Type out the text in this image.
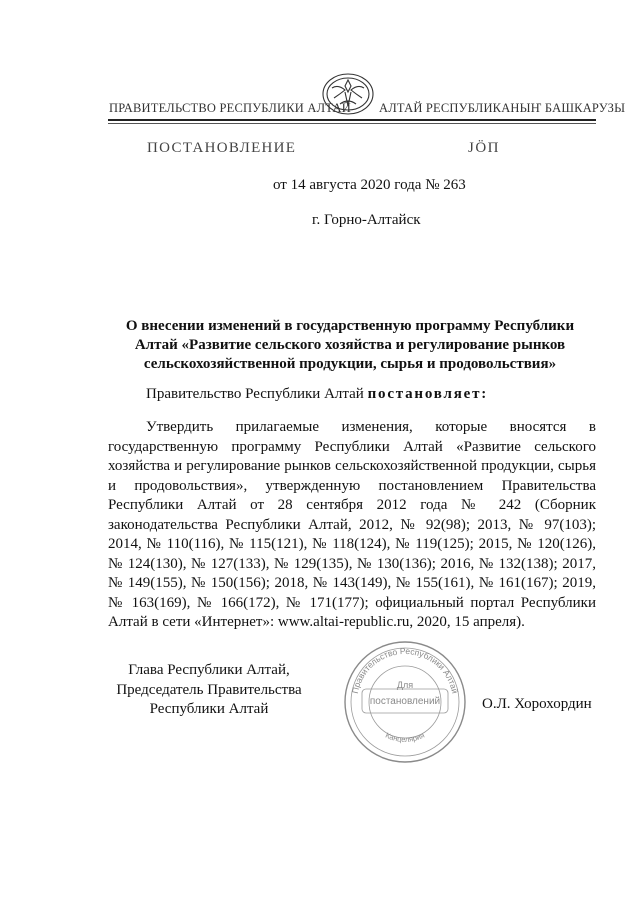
ПРАВИТЕЛЬСТВО РЕСПУБЛИКИ АЛТАЙ АЛТАЙ РЕСПУБЛИКАНЫҤ БАШКАРУЗЫ
ПОСТАНОВЛЕНИЕ	ЈӦП
от 14 августа 2020 года № 263
г. Горно-Алтайск
О внесении изменений в государственную программу Республики Алтай «Развитие сельского хозяйства и регулирование рынков сельскохозяйственной продукции, сырья и продовольствия»
Правительство Республики Алтай постановляет:
Утвердить прилагаемые изменения, которые вносятся в государственную программу Республики Алтай «Развитие сельского хозяйства и регулирование рынков сельскохозяйственной продукции, сырья и продовольствия», утвержденную постановлением Правительства Республики Алтай от 28 сентября 2012 года № 242 (Сборник законодательства Республики Алтай, 2012, № 92(98); 2013, № 97(103); 2014, № 110(116), № 115(121), № 118(124), № 119(125); 2015, № 120(126), № 124(130), № 127(133), № 129(135), № 130(136); 2016, № 132(138); 2017, № 149(155), № 150(156); 2018, № 143(149), № 155(161), № 161(167); 2019, № 163(169), № 166(172), № 171(177); официальный портал Республики Алтай в сети «Интернет»: www.altai-republic.ru, 2020, 15 апреля).
Глава Республики Алтай,
Председатель Правительства
Республики Алтай
Правительство Республики Алтай
Канцелярия
Для
постановлений	О.Л. Хорохордин
